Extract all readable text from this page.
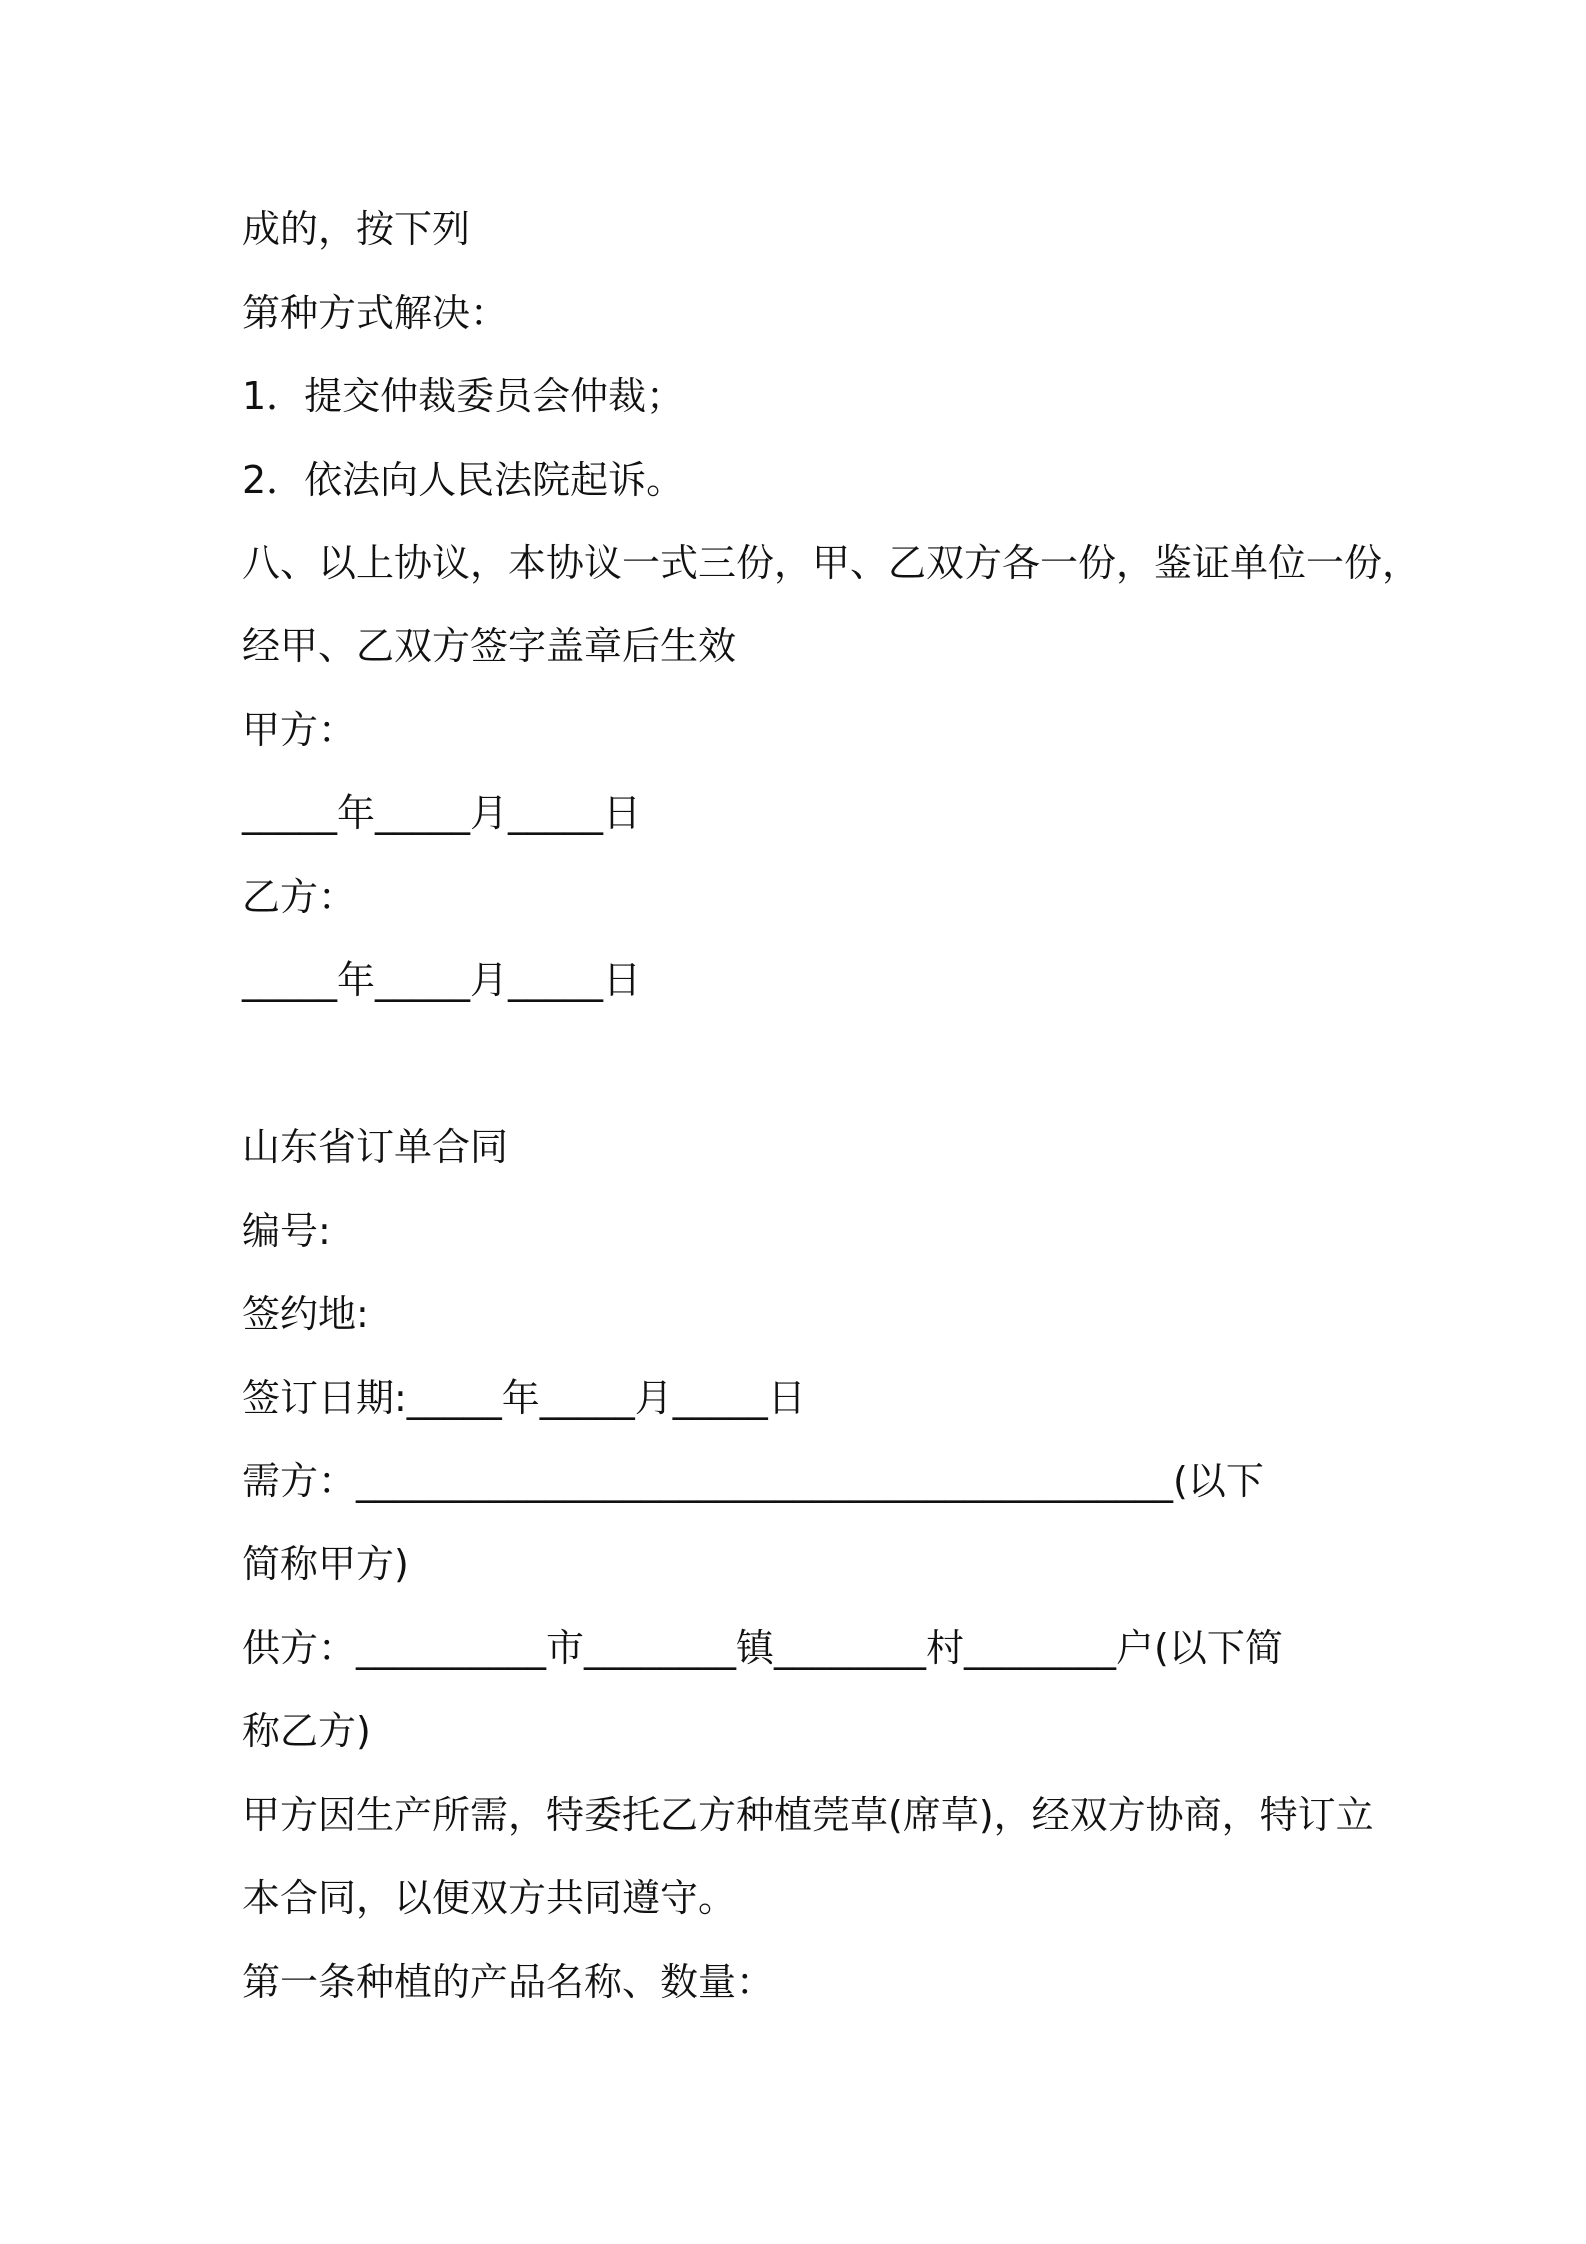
成的，按下列
第种方式解决：
1．提交仲裁委员会仲裁；
2．依法向人民法院起诉。
八、以上协议，本协议一式三份，甲、乙双方各一份，鉴证单位一份，
经甲、乙双方签字盖章后生效
甲方：
_____年_____月_____日
乙方：
_____年_____月_____日
山东省订单合同
编号:
签约地:
签订日期:_____年_____月_____日
需方：___________________________________________(以下
简称甲方)
供方：__________市________镇________村________户(以下简
称乙方)
甲方因生产所需，特委托乙方种植莞草(席草)，经双方协商，特订立
本合同，以便双方共同遵守。
第一条种植的产品名称、数量：
